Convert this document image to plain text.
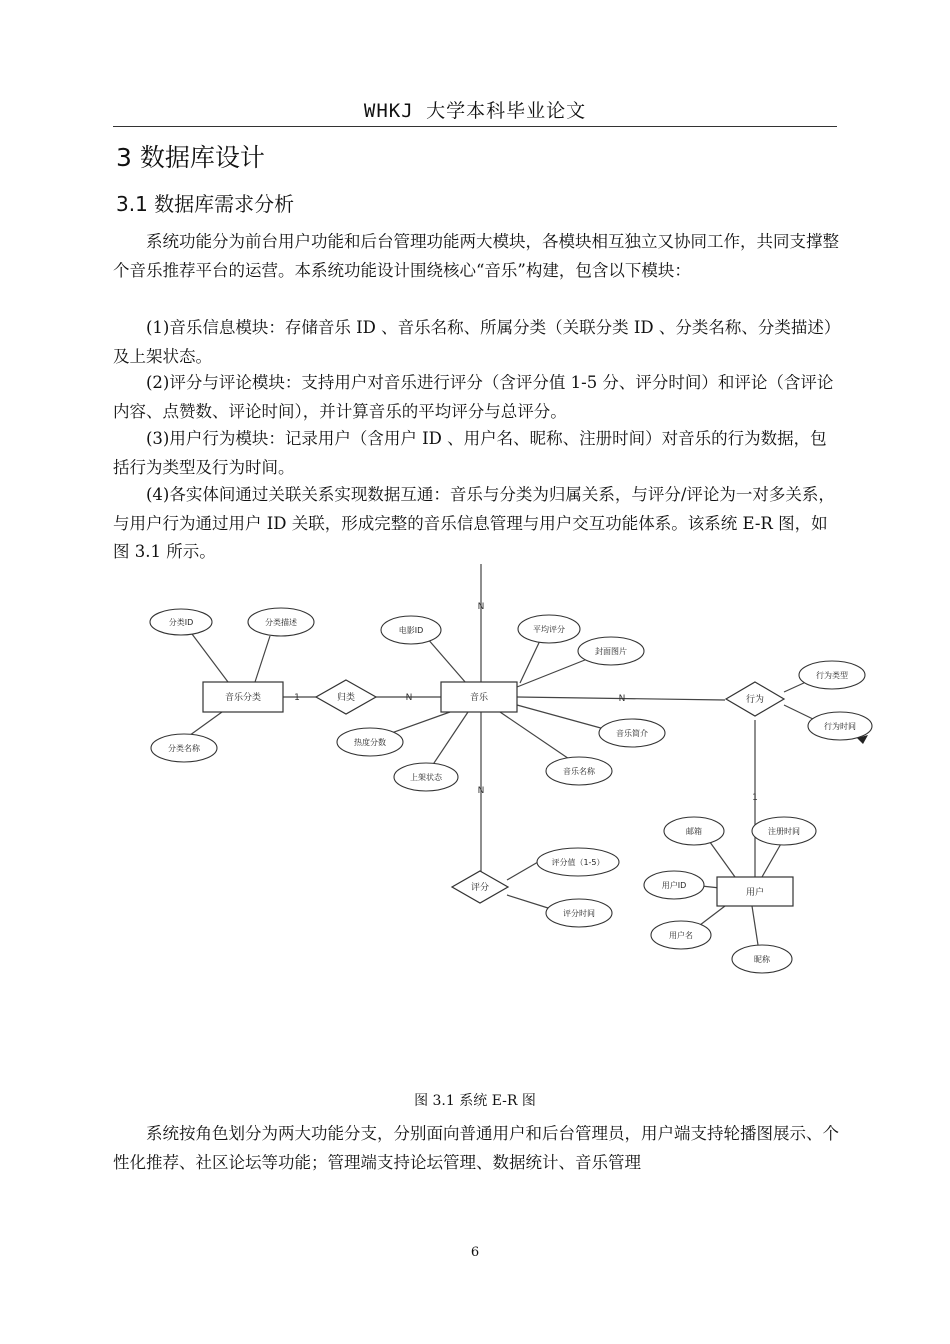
WHKJ 大学本科毕业论文
3 数据库设计
3.1 数据库需求分析
系统功能分为前台用户功能和后台管理功能两大模块，各模块相互独立又协同工作，共同支撑整个音乐推荐平台的运营。本系统功能设计围绕核心“音乐”构建，包含以下模块：
(1)音乐信息模块：存储音乐 ID 、音乐名称、所属分类（关联分类 ID 、分类名称、分类描述）及上架状态。
(2)评分与评论模块：支持用户对音乐进行评分（含评分值 1-5 分、评分时间）和评论（含评论内容、点赞数、评论时间），并计算音乐的平均评分与总评分。
(3)用户行为模块：记录用户（含用户 ID 、用户名、昵称、注册时间）对音乐的行为数据，包括行为类型及行为时间。
(4)各实体间通过关联关系实现数据互通：音乐与分类为归属关系，与评分/评论为一对多关系，与用户行为通过用户 ID 关联，形成完整的音乐信息管理与用户交互功能体系。该系统 E-R 图，如图 3.1 所示。
N
1	N	N
1
N
音乐分类	音乐
用户
归类	行为
评分
分类ID	分类描述
分类名称
电影ID	平均评分
封面图片
行为类型
行为时间
热度分数
音乐简介
上架状态
音乐名称
评分值（1-5）
评分时间
邮箱	注册时间
用户ID
用户名
昵称
图 3.1 系统 E-R 图
系统按角色划分为两大功能分支，分别面向普通用户和后台管理员，用户端支持轮播图展示、个性化推荐、社区论坛等功能；管理端支持论坛管理、数据统计、音乐管理
6
